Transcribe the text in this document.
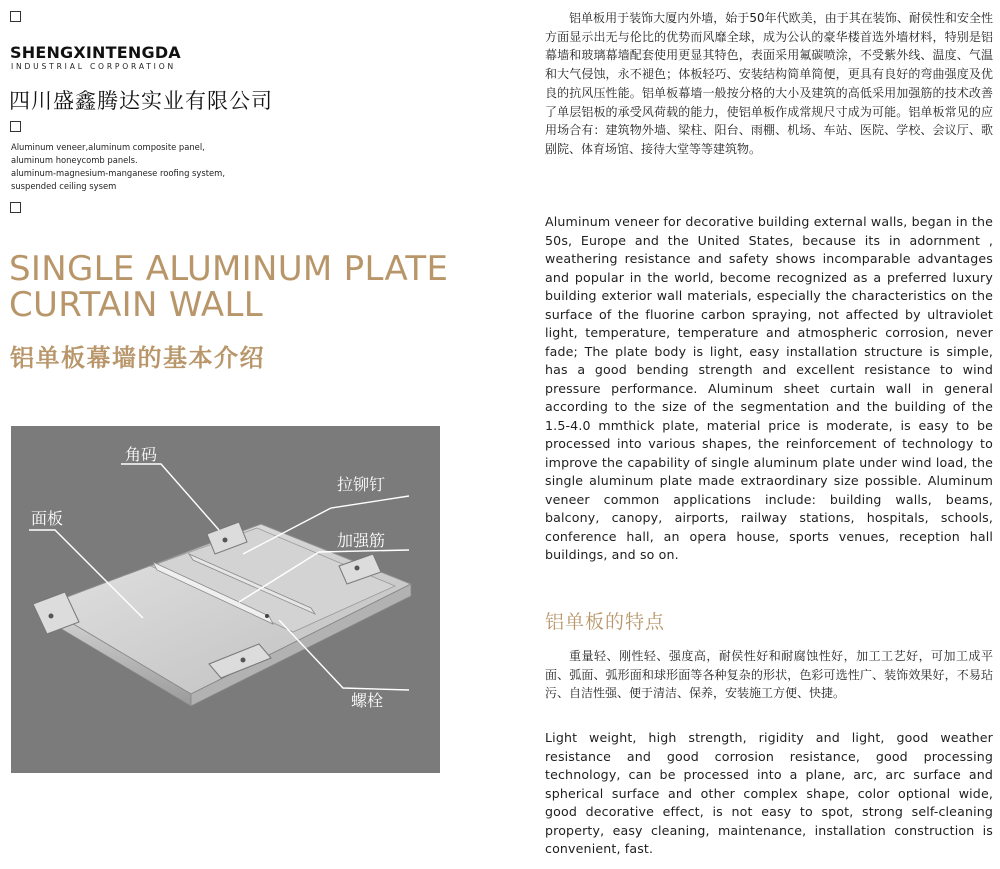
SHENGXINTENGDA
INDUSTRIAL CORPORATION
四川盛鑫腾达实业有限公司
Aluminum veneer,aluminum composite panel,
aluminum honeycomb panels.
aluminum-magnesium-manganese roofing system,
suspended ceiling sysem
SINGLE ALUMINUM PLATE
CURTAIN WALL
铝单板幕墙的基本介绍
角码
拉铆钉
面板
加强筋
螺栓

铝单板用于装饰大厦内外墙，始于50年代欧美，由于其在装饰、耐侯性和安全性方面显示出无与伦比的优势而风靡全球，成为公认的豪华楼首选外墙材料，特别是铝幕墙和玻璃幕墙配套使用更显其特色，表面采用氟碳喷涂，不受紫外线、温度、气温和大气侵蚀，永不褪色；体板轻巧、安装结构简单简便，更具有良好的弯曲强度及优良的抗风压性能。铝单板幕墙一般按分格的大小及建筑的高低采用加强筋的技术改善了单层铝板的承受风荷载的能力，使铝单板作成常规尺寸成为可能。铝单板常见的应用场合有：建筑物外墙、梁柱、阳台、雨棚、机场、车站、医院、学校、会议厅、歌剧院、体育场馆、接待大堂等等建筑物。

Aluminum veneer for decorative building external walls, began in the 50s, Europe and the United States, because its in adornment , weathering resistance and safety shows incomparable advantages and popular in the world, become recognized as a preferred luxury building exterior wall materials, especially the characteristics on the surface of the fluorine carbon spraying, not affected by ultraviolet light, temperature, temperature and atmospheric corrosion, never fade; The plate body is light, easy installation structure is simple, has a good bending strength and excellent resistance to wind pressure performance. Aluminum sheet curtain wall in general according to the size of the segmentation and the building of the 1.5-4.0 mmthick plate, material price is moderate, is easy to be processed into various shapes, the reinforcement of technology to improve the capability of single aluminum plate under wind load, the single aluminum plate made extraordinary size possible. Aluminum veneer common applications include: building walls, beams, balcony, canopy, airports, railway stations, hospitals, schools, conference hall, an opera house, sports venues, reception hall buildings, and so on.

铝单板的特点

重量轻、刚性轻、强度高，耐侯性好和耐腐蚀性好，加工工艺好，可加工成平面、弧面、弧形面和球形面等各种复杂的形状，色彩可选性广、装饰效果好，不易玷污、自洁性强、便于清洁、保养，安装施工方便、快捷。

Light weight, high strength, rigidity and light, good weather resistance and good corrosion resistance, good processing technology, can be processed into a plane, arc, arc surface and spherical surface and other complex shape, color optional wide, good decorative effect, is not easy to spot, strong self-cleaning property, easy cleaning, maintenance, installation construction is convenient, fast.
